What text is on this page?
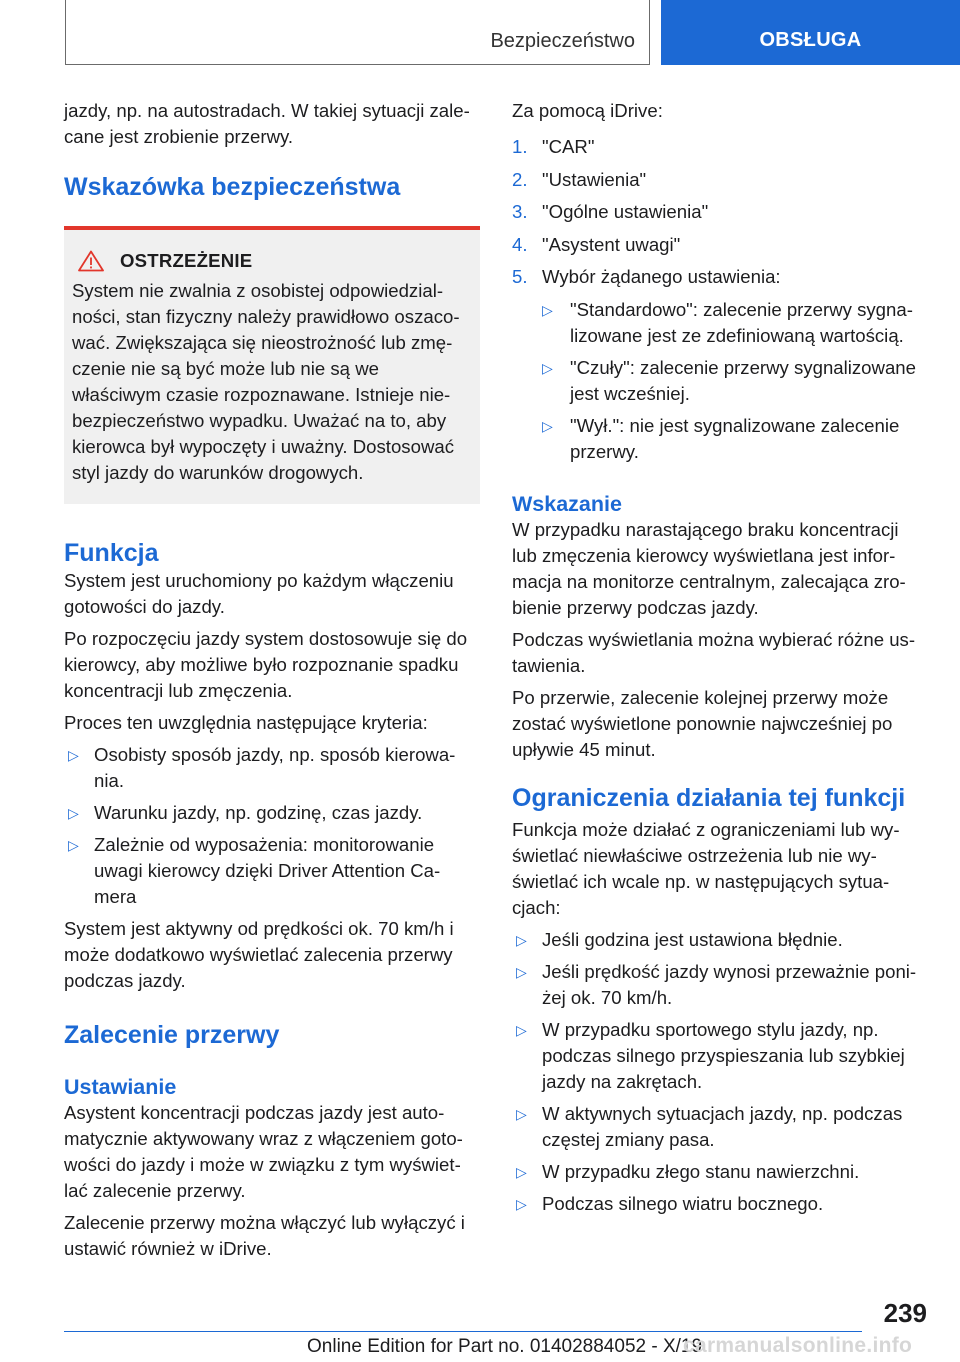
Bezpieczeństwo	OBSŁUGA

jazdy, np. na autostradach. W takiej sytuacji zale-cane jest zrobienie przerwy.

Wskazówka bezpieczeństwa
OSTRZEŻENIE

System nie zwalnia z osobistej odpowiedzial-ności, stan fizyczny należy prawidłowo oszaco-wać. Zwiększająca się nieostrożność lub zmę-czenie nie są być może lub nie są we właściwym czasie rozpoznawane. Istnieje nie-bezpieczeństwo wypadku. Uważać na to, aby kierowca był wypoczęty i uważny. Dostosować styl jazdy do warunków drogowych.

Funkcja

System jest uruchomiony po każdym włączeniu gotowości do jazdy.

Po rozpoczęciu jazdy system dostosowuje się do kierowcy, aby możliwe było rozpoznanie spadku koncentracji lub zmęczenia.

Proces ten uwzględnia następujące kryteria:

▷ Osobisty sposób jazdy, np. sposób kierowa-nia.
▷ Warunku jazdy, np. godzinę, czas jazdy.
▷ Zależnie od wyposażenia: monitorowanie uwagi kierowcy dzięki Driver Attention Ca-mera

System jest aktywny od prędkości ok. 70 km/h i może dodatkowo wyświetlać zalecenia przerwy podczas jazdy.

Zalecenie przerwy
Ustawianie

Asystent koncentracji podczas jazdy jest auto-matycznie aktywowany wraz z włączeniem goto-wości do jazdy i może w związku z tym wyświet-lać zalecenie przerwy.

Zalecenie przerwy można włączyć lub wyłączyć i ustawić również w iDrive.

Za pomocą iDrive:

1. "CAR"
2. "Ustawienia"
3. "Ogólne ustawienia"
4. "Asystent uwagi"
5. Wybór żądanego ustawienia:
▷ "Standardowo": zalecenie przerwy sygna-lizowane jest ze zdefiniowaną wartością.
▷ "Czuły": zalecenie przerwy sygnalizowane jest wcześniej.
▷ "Wył.": nie jest sygnalizowane zalecenie przerwy.
Wskazanie

W przypadku narastającego braku koncentracji lub zmęczenia kierowcy wyświetlana jest infor-macja na monitorze centralnym, zalecająca zro-bienie przerwy podczas jazdy.

Podczas wyświetlania można wybierać różne us-tawienia.

Po przerwie, zalecenie kolejnej przerwy może zostać wyświetlone ponownie najwcześniej po upływie 45 minut.

Ograniczenia działania tej funkcji

Funkcja może działać z ograniczeniami lub wy-świetlać niewłaściwe ostrzeżenia lub nie wy-świetlać ich wcale np. w następujących sytua-cjach:

▷ Jeśli godzina jest ustawiona błędnie.
▷ Jeśli prędkość jazdy wynosi przeważnie poni-żej ok. 70 km/h.
▷ W przypadku sportowego stylu jazdy, np. podczas silnego przyspieszania lub szybkiej jazdy na zakrętach.
▷ W aktywnych sytuacjach jazdy, np. podczas częstej zmiany pasa.
▷ W przypadku złego stanu nawierzchni.
▷ Podczas silnego wiatru bocznego.
239
Online Edition for Part no. 01402884052 - X/19
carmanualsonline.info
